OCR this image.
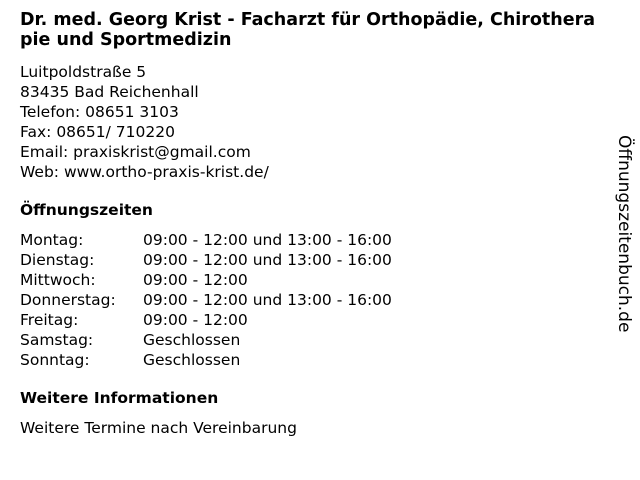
Dr. med. Georg Krist - Facharzt für Orthopädie, Chirotherapie und Sportmedizin
Luitpoldstraße 5
83435 Bad Reichenhall
Telefon: 08651 3103
Fax: 08651/ 710220
Email: praxiskrist@gmail.com
Web: www.ortho-praxis-krist.de/
Öffnungszeiten
Montag:	09:00 - 12:00 und 13:00 - 16:00
Dienstag:	09:00 - 12:00 und 13:00 - 16:00
Mittwoch:	09:00 - 12:00
Donnerstag:	09:00 - 12:00 und 13:00 - 16:00
Freitag:	09:00 - 12:00
Samstag:	Geschlossen
Sonntag:	Geschlossen
Weitere Informationen
Weitere Termine nach Vereinbarung
Öffnungszeitenbuch.de
